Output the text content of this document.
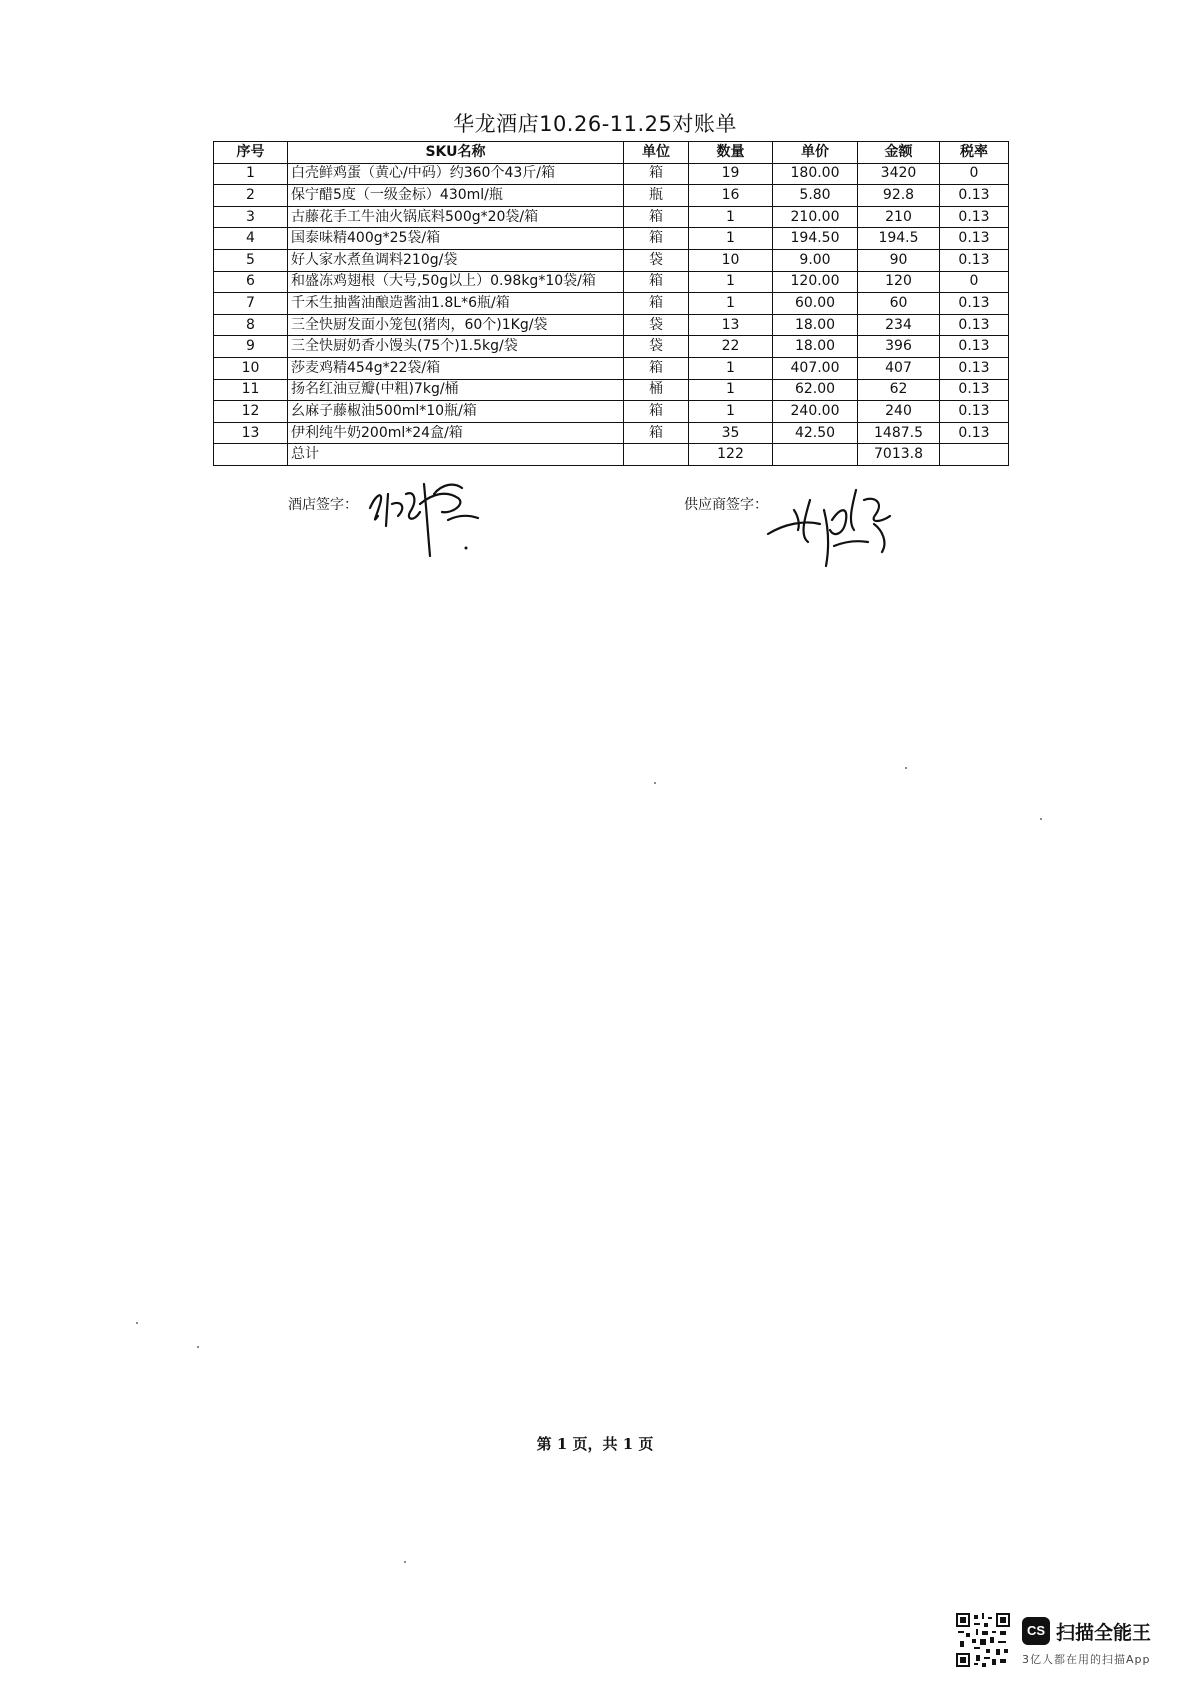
华龙酒店10.26-11.25对账单
序号	SKU名称	单位	数量	单价	金额	税率
1	白壳鲜鸡蛋（黄心/中码）约360个43斤/箱	箱	19	180.00	3420	0
2	保宁醋5度（一级金标）430ml/瓶	瓶	16	5.80	92.8	0.13
3	古藤花手工牛油火锅底料500g*20袋/箱	箱	1	210.00	210	0.13
4	国泰味精400g*25袋/箱	箱	1	194.50	194.5	0.13
5	好人家水煮鱼调料210g/袋	袋	10	9.00	90	0.13
6	和盛冻鸡翅根（大号,50g以上）0.98kg*10袋/箱	箱	1	120.00	120	0
7	千禾生抽酱油酿造酱油1.8L*6瓶/箱	箱	1	60.00	60	0.13
8	三全快厨发面小笼包(猪肉，60个)1Kg/袋	袋	13	18.00	234	0.13
9	三全快厨奶香小馒头(75个)1.5kg/袋	袋	22	18.00	396	0.13
10	莎麦鸡精454g*22袋/箱	箱	1	407.00	407	0.13
11	扬名红油豆瓣(中粗)7kg/桶	桶	1	62.00	62	0.13
12	幺麻子藤椒油500ml*10瓶/箱	箱	1	240.00	240	0.13
13	伊利纯牛奶200ml*24盒/箱	箱	35	42.50	1487.5	0.13
	总计		122		7013.8	
酒店签字：	供应商签字：
第 1 页，共 1 页
CS 扫描全能王
3亿人都在用的扫描App
